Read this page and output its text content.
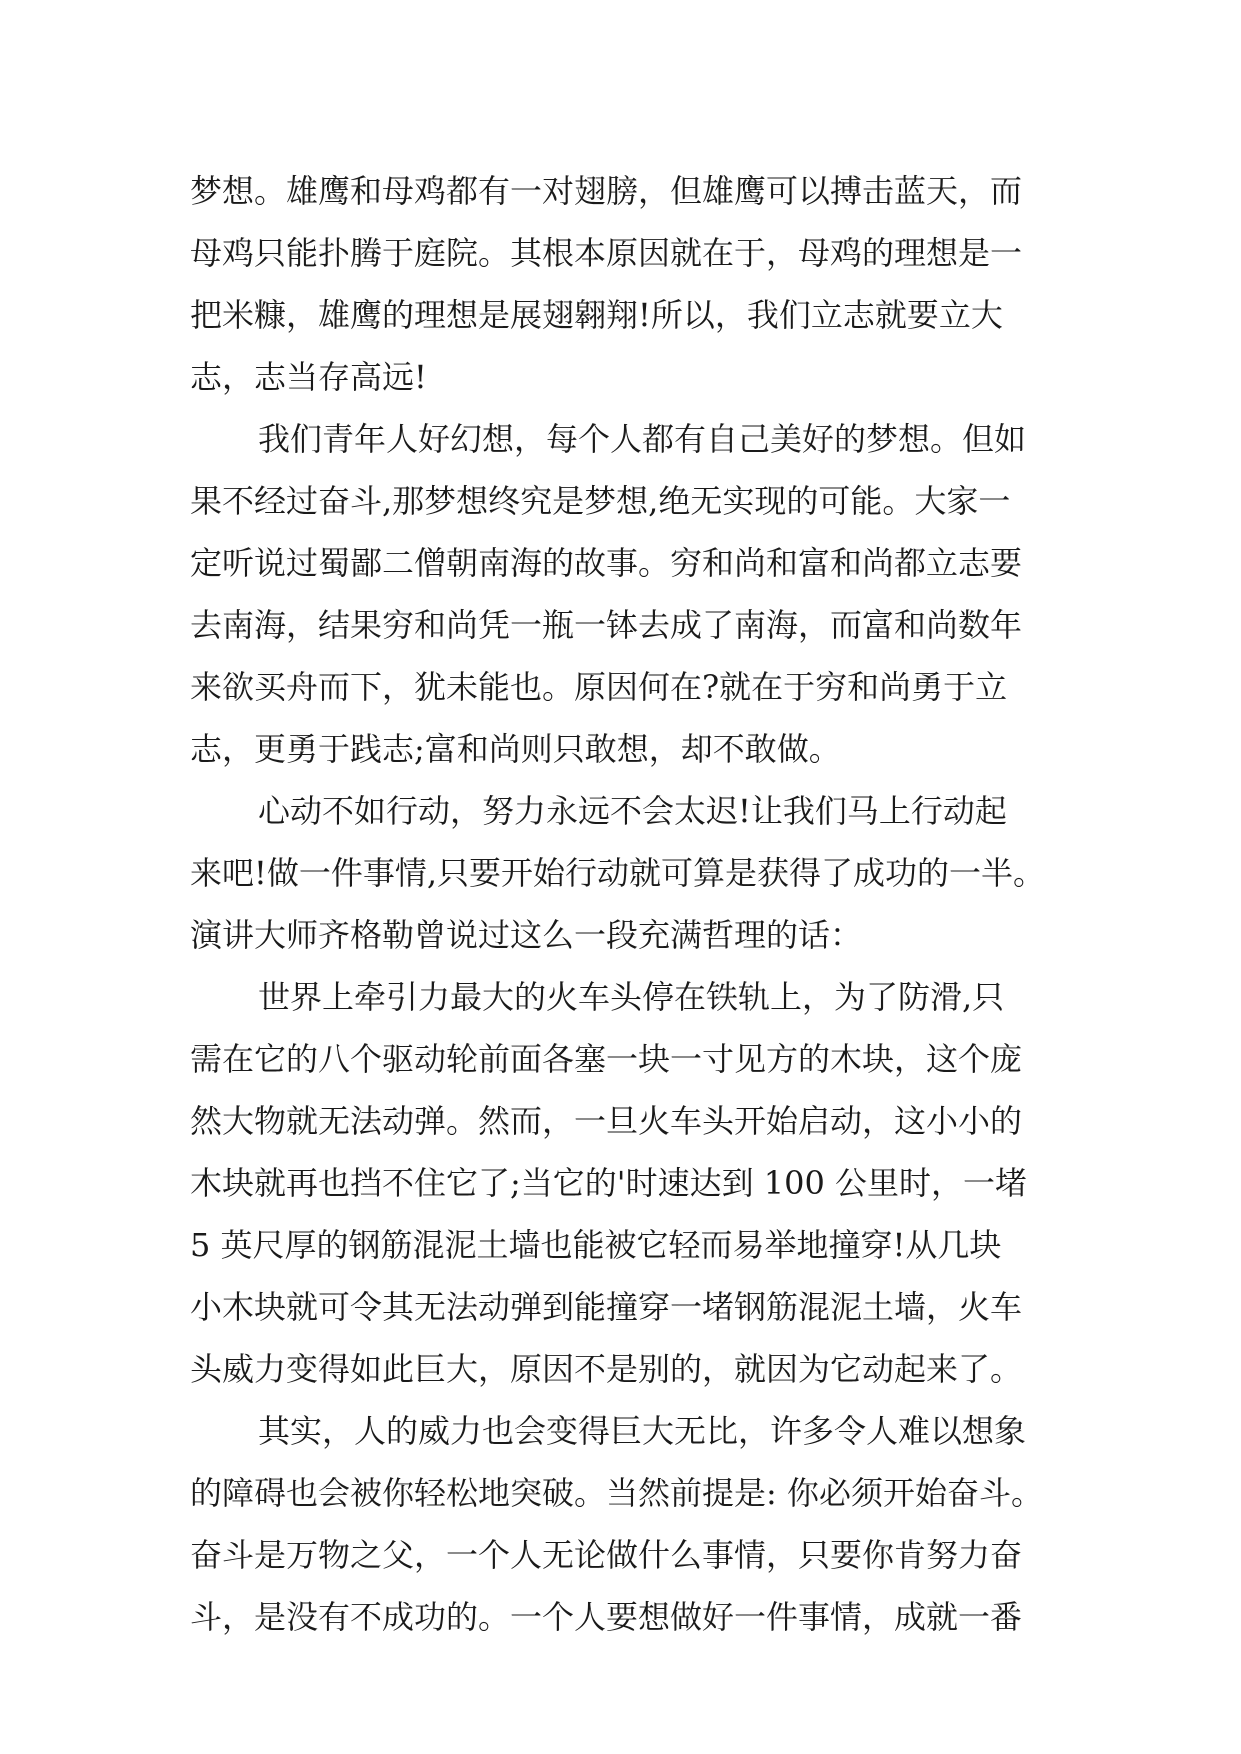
梦想。雄鹰和母鸡都有一对翅膀，但雄鹰可以搏击蓝天，而
母鸡只能扑腾于庭院。其根本原因就在于，母鸡的理想是一
把米糠，雄鹰的理想是展翅翱翔!所以，我们立志就要立大
志，志当存高远!
我们青年人好幻想，每个人都有自己美好的梦想。但如
果不经过奋斗,那梦想终究是梦想,绝无实现的可能。大家一
定听说过蜀鄙二僧朝南海的故事。穷和尚和富和尚都立志要
去南海，结果穷和尚凭一瓶一钵去成了南海，而富和尚数年
来欲买舟而下，犹未能也。原因何在?就在于穷和尚勇于立
志，更勇于践志;富和尚则只敢想，却不敢做。
心动不如行动，努力永远不会太迟!让我们马上行动起
来吧!做一件事情,只要开始行动就可算是获得了成功的一半。
演讲大师齐格勒曾说过这么一段充满哲理的话：
世界上牵引力最大的火车头停在铁轨上，为了防滑,只
需在它的八个驱动轮前面各塞一块一寸见方的木块，这个庞
然大物就无法动弹。然而，一旦火车头开始启动，这小小的
木块就再也挡不住它了;当它的'时速达到 100 公里时，一堵
5 英尺厚的钢筋混泥土墙也能被它轻而易举地撞穿!从几块
小木块就可令其无法动弹到能撞穿一堵钢筋混泥土墙，火车
头威力变得如此巨大，原因不是别的，就因为它动起来了。
其实，人的威力也会变得巨大无比，许多令人难以想象
的障碍也会被你轻松地突破。当然前提是: 你必须开始奋斗。
奋斗是万物之父，一个人无论做什么事情，只要你肯努力奋
斗，是没有不成功的。一个人要想做好一件事情，成就一番
